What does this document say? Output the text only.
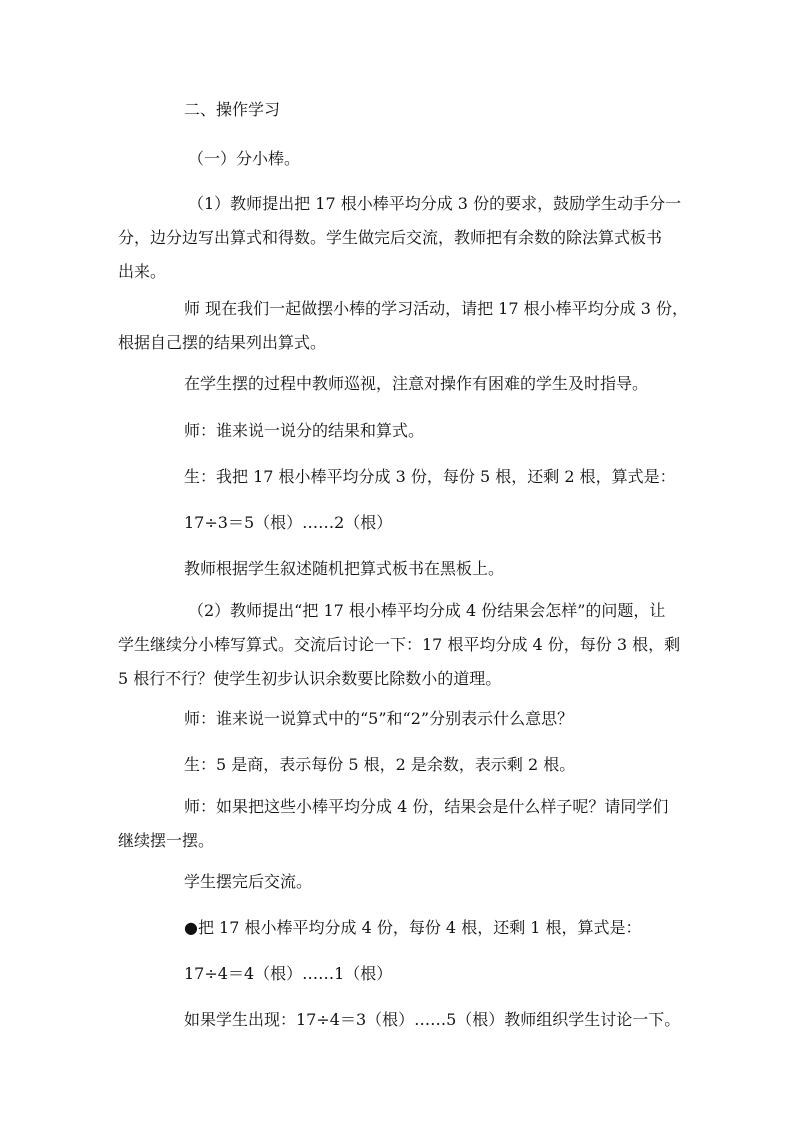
二、操作学习

（一）分小棒。

（1）教师提出把 17 根小棒平均分成 3 份的要求，鼓励学生动手分一
分，边分边写出算式和得数。学生做完后交流，教师把有余数的除法算式板书
出来。
师 现在我们一起做摆小棒的学习活动，请把 17 根小棒平均分成 3 份，
根据自己摆的结果列出算式。

在学生摆的过程中教师巡视，注意对操作有困难的学生及时指导。

师：谁来说一说分的结果和算式。

生：我把 17 根小棒平均分成 3 份，每份 5 根，还剩 2 根，算式是：

17÷3＝5（根）……2（根）

教师根据学生叙述随机把算式板书在黑板上。

（2）教师提出“把 17 根小棒平均分成 4 份结果会怎样”的问题，让
学生继续分小棒写算式。交流后讨论一下：17 根平均分成 4 份，每份 3 根，剩
5 根行不行？使学生初步认识余数要比除数小的道理。

师：谁来说一说算式中的“5”和“2”分别表示什么意思？

生：5 是商，表示每份 5 根，2 是余数，表示剩 2 根。

师：如果把这些小棒平均分成 4 份，结果会是什么样子呢？请同学们
继续摆一摆。

学生摆完后交流。

●把 17 根小棒平均分成 4 份，每份 4 根，还剩 1 根，算式是：

17÷4＝4（根）……1（根）

如果学生出现：17÷4＝3（根）……5（根）教师组织学生讨论一下。
